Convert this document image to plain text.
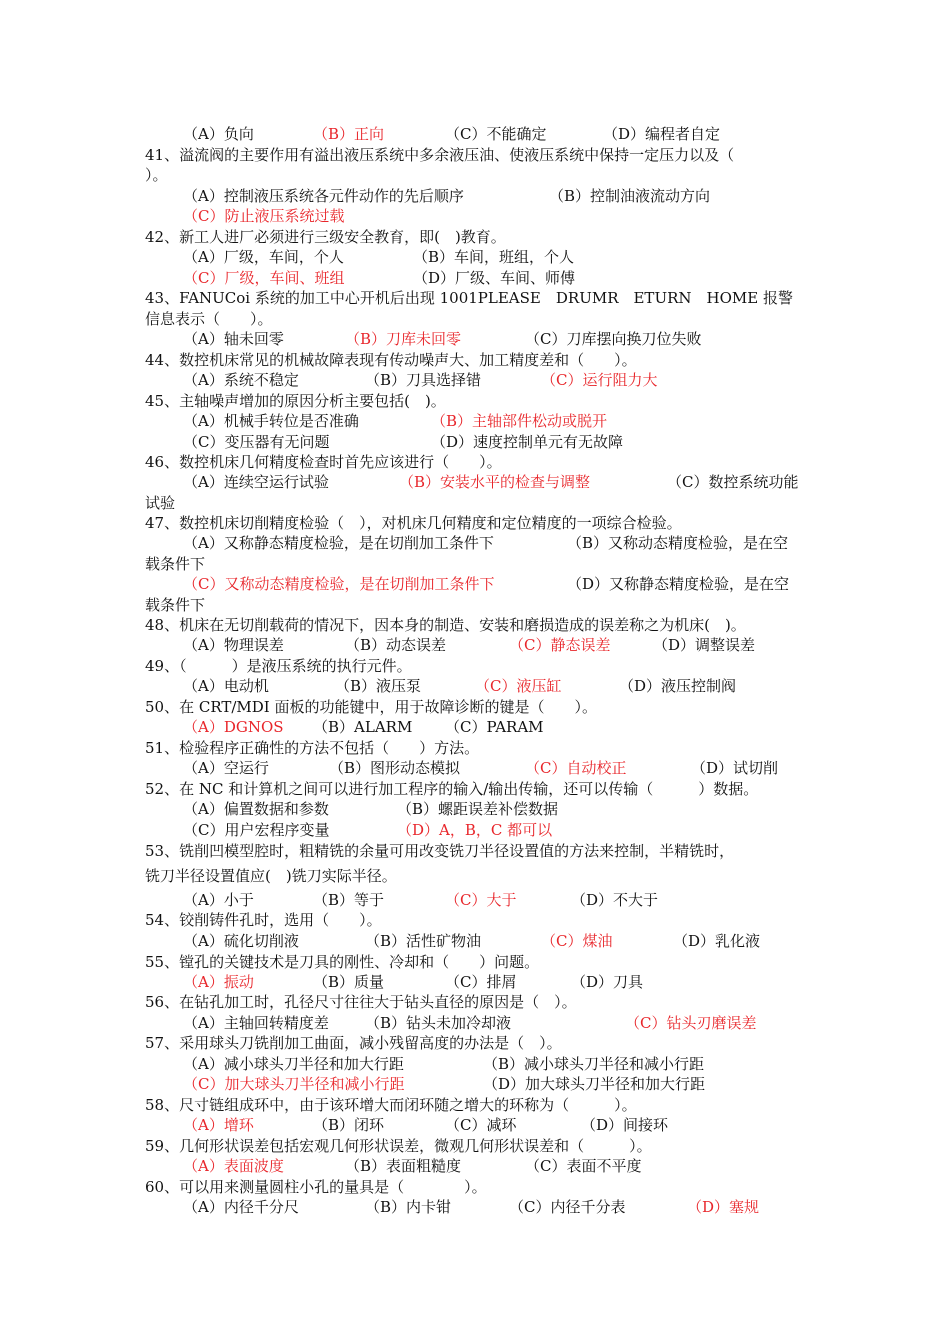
（A）负向	（B）正向	（C）不能确定	（D）编程者自定
41、溢流阀的主要作用有溢出液压系统中多余液压油、使液压系统中保持一定压力以及（
）。
（A）控制液压系统各元件动作的先后顺序	（B）控制油液流动方向
（C）防止液压系统过载
42、新工人进厂必须进行三级安全教育，即(　)教育。
（A）厂级，车间，个人	（B）车间，班组，个人
（C）厂级，车间、班组	（D）厂级、车间、师傅
43、FANUCoi 系统的加工中心开机后出现 1001PLEASE　DRUMR　ETURN　HOME 报警
信息表示（　　）。
（A）轴未回零	（B）刀库未回零	（C）刀库摆向换刀位失败
44、数控机床常见的机械故障表现有传动噪声大、加工精度差和（　　）。
（A）系统不稳定	（B）刀具选择错	（C）运行阻力大
45、主轴噪声增加的原因分析主要包括(　)。
（A）机械手转位是否准确	（B）主轴部件松动或脱开
（C）变压器有无问题	（D）速度控制单元有无故障
46、数控机床几何精度检查时首先应该进行（　　）。
（A）连续空运行试验	（B）安装水平的检查与调整	（C）数控系统功能
试验
47、数控机床切削精度检验（　），对机床几何精度和定位精度的一项综合检验。
（A）又称静态精度检验，是在切削加工条件下	（B）又称动态精度检验，是在空
载条件下
（C）又称动态精度检验，是在切削加工条件下	（D）又称静态精度检验，是在空
载条件下
48、机床在无切削载荷的情况下，因本身的制造、安装和磨损造成的误差称之为机床(　)。
（A）物理误差	（B）动态误差	（C）静态误差	（D）调整误差
49、（　　　）是液压系统的执行元件。
（A）电动机	（B）液压泵	（C）液压缸	（D）液压控制阀
50、在 CRT/MDI 面板的功能键中，用于故障诊断的键是（　　）。
（A）DGNOS （B）ALARM （C）PARAM
51、检验程序正确性的方法不包括（　　）方法。
（A）空运行	（B）图形动态模拟	（C）自动校正	（D）试切削
52、在 NC 和计算机之间可以进行加工程序的输入/输出传输，还可以传输（　　　）数据。
（A）偏置数据和参数	（B）螺距误差补偿数据
（C）用户宏程序变量	（D）A，B，C 都可以
53、铣削凹模型腔时，粗精铣的余量可用改变铣刀半径设置值的方法来控制，半精铣时，
铣刀半径设置值应(　)铣刀实际半径。
（A）小于	（B）等于	（C）大于	（D）不大于
54、铰削铸件孔时，选用（　　）。
（A）硫化切削液	（B）活性矿物油	（C）煤油	（D）乳化液
55、镗孔的关键技术是刀具的刚性、冷却和（　　）问题。
（A）振动	（B）质量	（C）排屑	（D）刀具
56、在钻孔加工时，孔径尺寸往往大于钻头直径的原因是（　）。
（A）主轴回转精度差 （B）钻头未加冷却液	（C）钻头刃磨误差
57、采用球头刀铣削加工曲面，减小残留高度的办法是（　）。
（A）减小球头刀半径和加大行距	（B）减小球头刀半径和减小行距
（C）加大球头刀半径和减小行距	（D）加大球头刀半径和加大行距
58、尺寸链组成环中，由于该环增大而闭环随之增大的环称为（　　　）。
（A）增环	（B）闭环	（C）减环	（D）间接环
59、几何形状误差包括宏观几何形状误差，微观几何形状误差和（　　　）。
（A）表面波度	（B）表面粗糙度	（C）表面不平度
60、可以用来测量圆柱小孔的量具是（　　　　）。
（A）内径千分尺	（B）内卡钳	（C）内径千分表	（D）塞规
